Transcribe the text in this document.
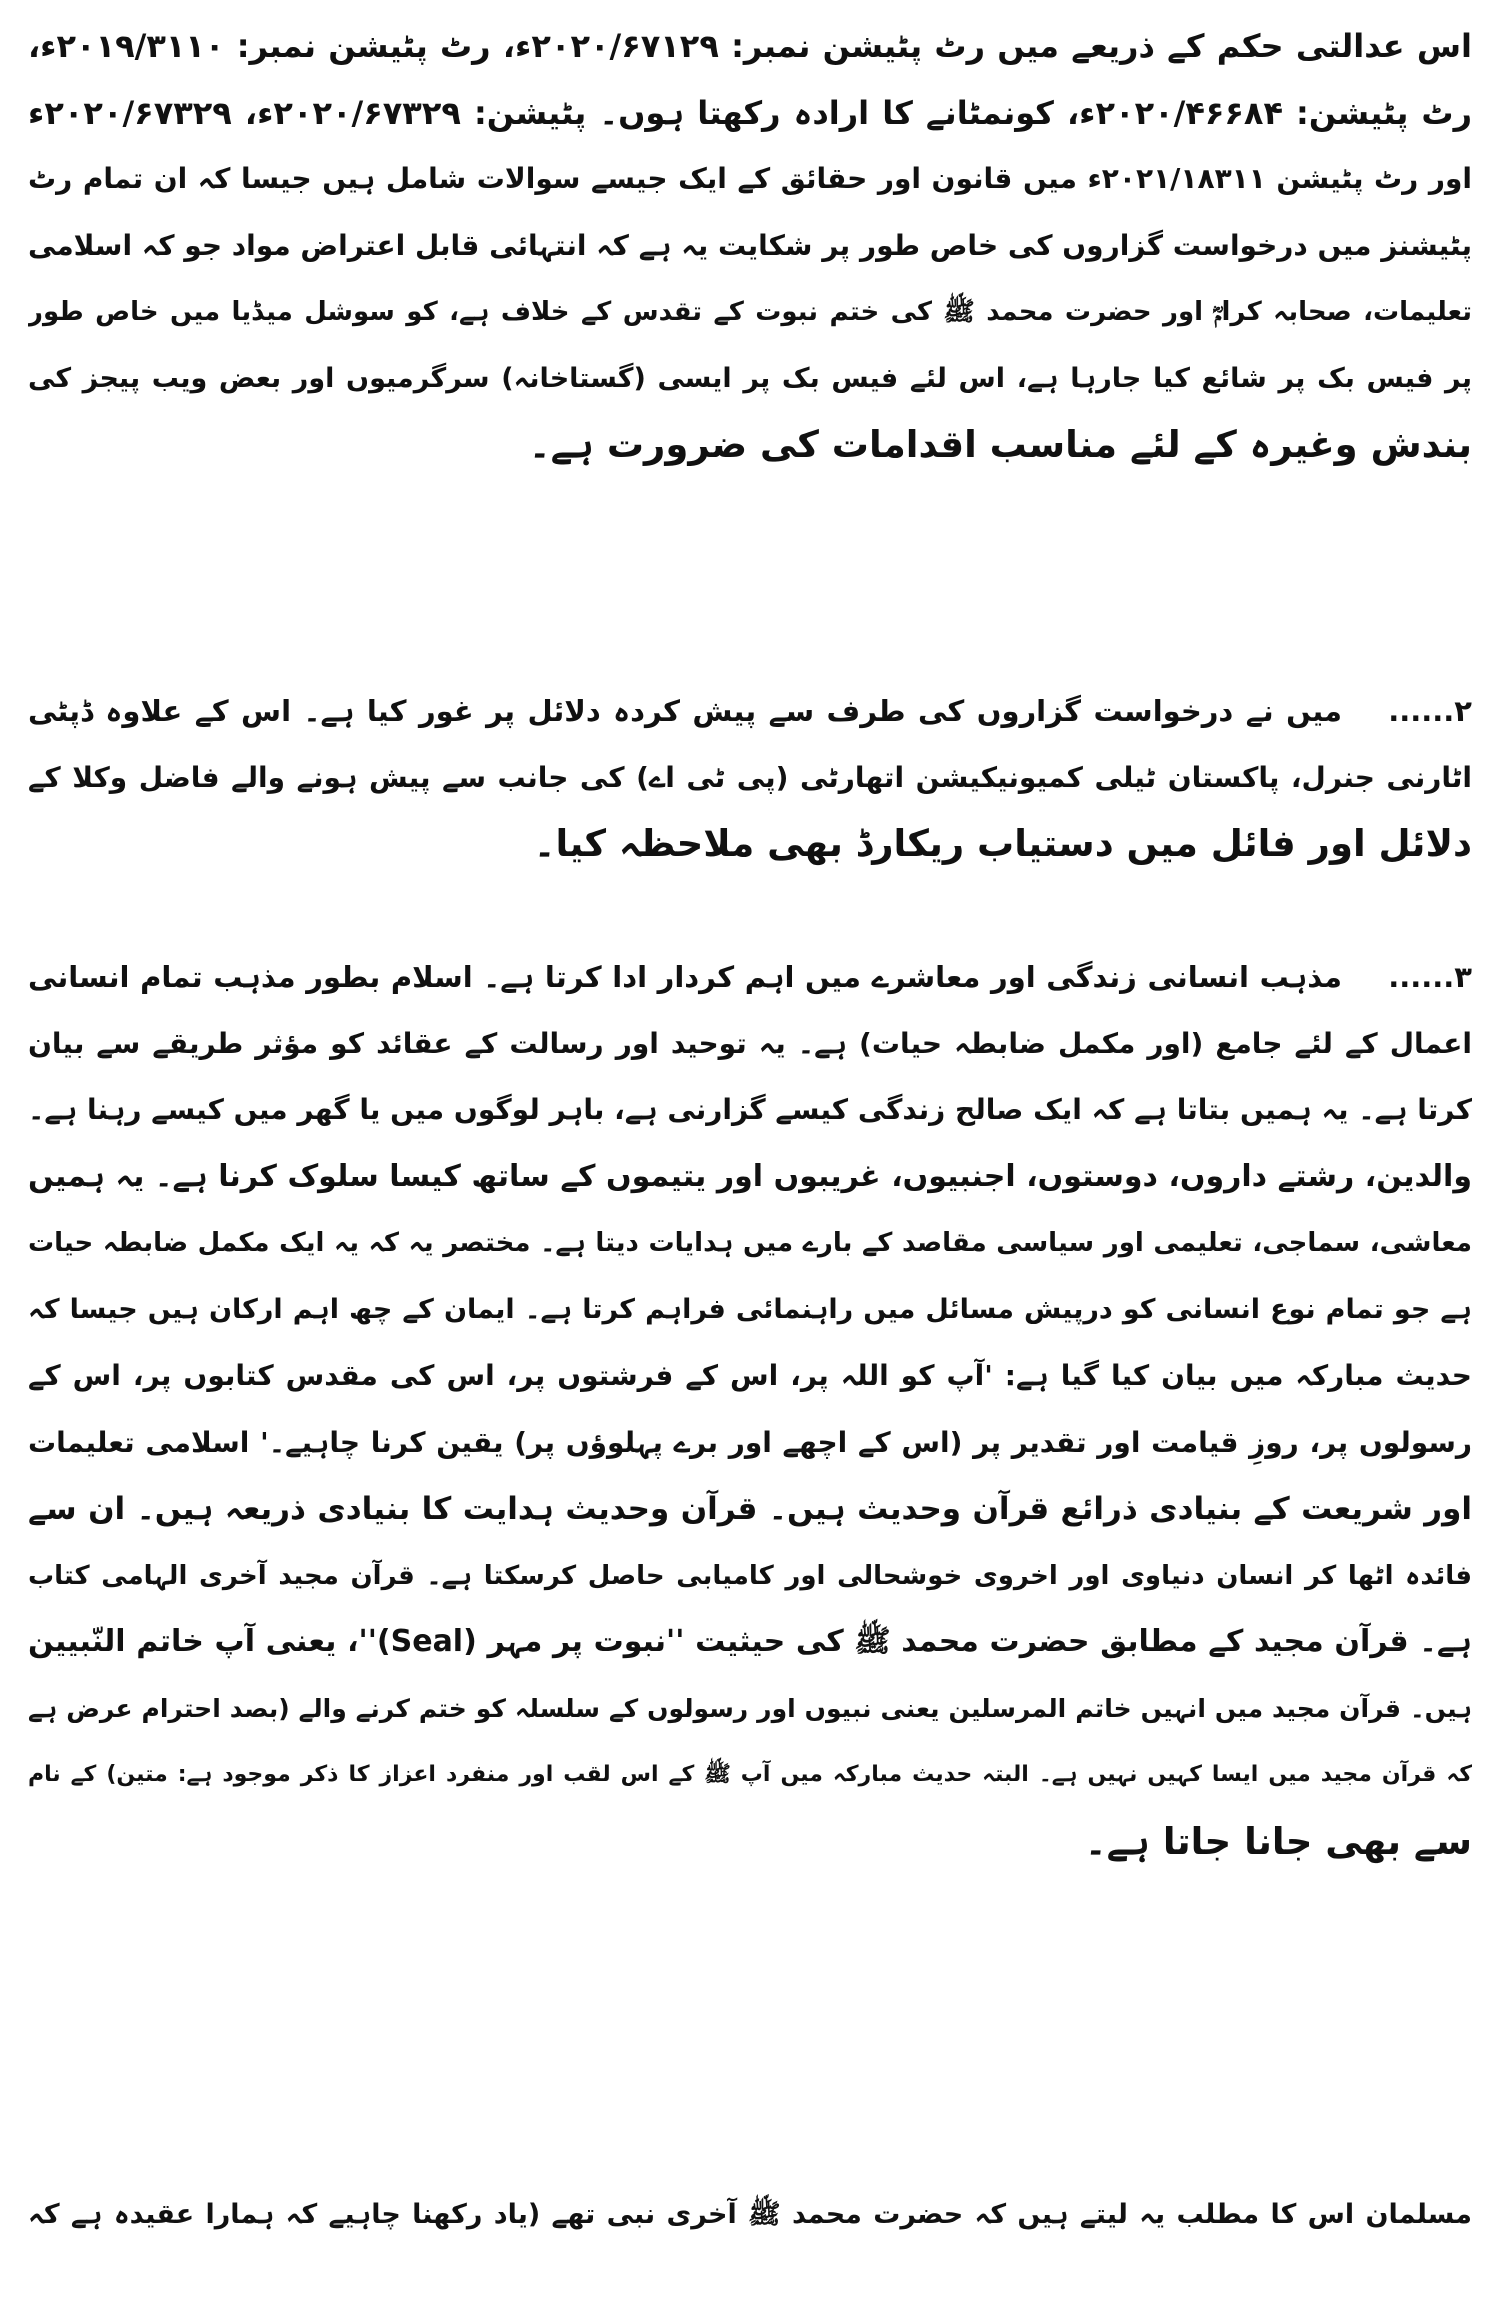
اس عدالتی حکم کے ذریعے میں رٹ پٹیشن نمبر: ۲۰۲۰/۶۷۱۲۹ء، رٹ پٹیشن نمبر: ۲۰۱۹/۳۱۱۰ء،
رٹ پٹیشن: ۲۰۲۰/۴۶۶۸۴ء، کونمٹانے کا ارادہ رکھتا ہوں۔ پٹیشن: ۲۰۲۰/۶۷۳۲۹ء، ۲۰۲۰/۶۷۳۲۹ء
اور رٹ پٹیشن ۲۰۲۱/۱۸۳۱۱ء میں قانون اور حقائق کے ایک جیسے سوالات شامل ہیں جیسا کہ ان تمام رٹ
پٹیشنز میں درخواست گزاروں کی خاص طور پر شکایت یہ ہے کہ انتہائی قابل اعتراض مواد جو کہ اسلامی
تعلیمات، صحابہ کرامؓ اور حضرت محمد ﷺ کی ختم نبوت کے تقدس کے خلاف ہے، کو سوشل میڈیا میں خاص طور
پر فیس بک پر شائع کیا جارہا ہے، اس لئے فیس بک پر ایسی (گستاخانہ) سرگرمیوں اور بعض ویب پیجز کی
بندش وغیرہ کے لئے مناسب اقدامات کی ضرورت ہے۔
۲......میں نے درخواست گزاروں کی طرف سے پیش کردہ دلائل پر غور کیا ہے۔ اس کے علاوہ ڈپٹی
اٹارنی جنرل، پاکستان ٹیلی کمیونیکیشن اتھارٹی (پی ٹی اے) کی جانب سے پیش ہونے والے فاضل وکلا کے
دلائل اور فائل میں دستیاب ریکارڈ بھی ملاحظہ کیا۔
۳......مذہب انسانی زندگی اور معاشرے میں اہم کردار ادا کرتا ہے۔ اسلام بطور مذہب تمام انسانی
اعمال کے لئے جامع (اور مکمل ضابطہ حیات) ہے۔ یہ توحید اور رسالت کے عقائد کو مؤثر طریقے سے بیان
کرتا ہے۔ یہ ہمیں بتاتا ہے کہ ایک صالح زندگی کیسے گزارنی ہے، باہر لوگوں میں یا گھر میں کیسے رہنا ہے۔
والدین، رشتے داروں، دوستوں، اجنبیوں، غریبوں اور یتیموں کے ساتھ کیسا سلوک کرنا ہے۔ یہ ہمیں
معاشی، سماجی، تعلیمی اور سیاسی مقاصد کے بارے میں ہدایات دیتا ہے۔ مختصر یہ کہ یہ ایک مکمل ضابطہ حیات
ہے جو تمام نوع انسانی کو درپیش مسائل میں راہنمائی فراہم کرتا ہے۔ ایمان کے چھ اہم ارکان ہیں جیسا کہ
حدیث مبارکہ میں بیان کیا گیا ہے: 'آپ کو اللہ پر، اس کے فرشتوں پر، اس کی مقدس کتابوں پر، اس کے
رسولوں پر، روزِ قیامت اور تقدیر پر (اس کے اچھے اور برے پہلوؤں پر) یقین کرنا چاہیے۔' اسلامی تعلیمات
اور شریعت کے بنیادی ذرائع قرآن وحدیث ہیں۔ قرآن وحدیث ہدایت کا بنیادی ذریعہ ہیں۔ ان سے
فائدہ اٹھا کر انسان دنیاوی اور اخروی خوشحالی اور کامیابی حاصل کرسکتا ہے۔ قرآن مجید آخری الہامی کتاب
ہے۔ قرآن مجید کے مطابق حضرت محمد ﷺ کی حیثیت ''نبوت پر مہر (Seal)''، یعنی آپ خاتم النّبیین
ہیں۔ قرآن مجید میں انہیں خاتم المرسلین یعنی نبیوں اور رسولوں کے سلسلہ کو ختم کرنے والے (بصد احترام عرض ہے
کہ قرآن مجید میں ایسا کہیں نہیں ہے۔ البتہ حدیث مبارکہ میں آپ ﷺ کے اس لقب اور منفرد اعزاز کا ذکر موجود ہے: متین) کے نام
سے بھی جانا جاتا ہے۔
مسلمان اس کا مطلب یہ لیتے ہیں کہ حضرت محمد ﷺ آخری نبی تھے (یاد رکھنا چاہیے کہ ہمارا عقیدہ ہے کہ
